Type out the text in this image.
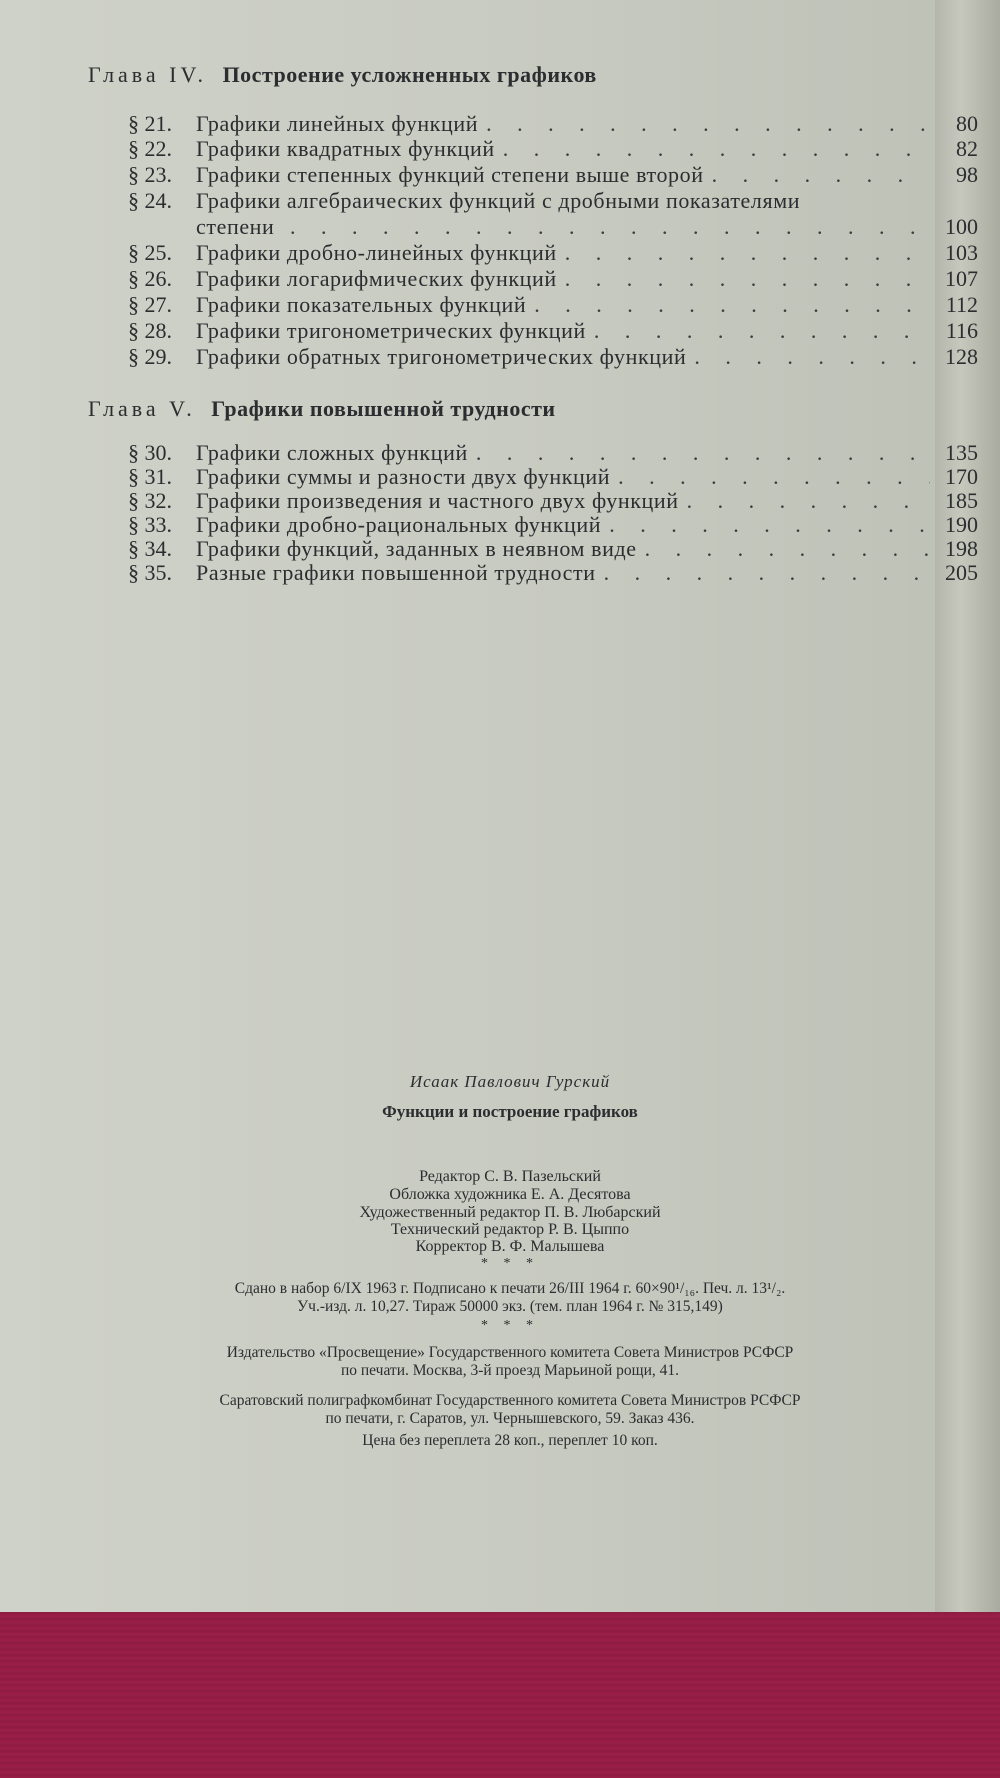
Глава IV. Построение усложненных графиков
§ 21.	Графики линейных функций . . .	80
§ 22.	Графики квадратных функций . . .	82
§ 23.	Графики степенных функций степени выше второй . . .	98
§ 24.	Графики алгебраических функций с дробными показателями
степени . . .	100
§ 25.	Графики дробно-линейных функций . . .	103
§ 26.	Графики логарифмических функций . . .	107
§ 27.	Графики показательных функций . . .	112
§ 28.	Графики тригонометрических функций . . .	116
§ 29.	Графики обратных тригонометрических функций . . .	128
Глава V. Графики повышенной трудности
§ 30.	Графики сложных функций . . .	135
§ 31.	Графики суммы и разности двух функций . . .	170
§ 32.	Графики произведения и частного двух функций . . .	185
§ 33.	Графики дробно-рациональных функций . . .	190
§ 34.	Графики функций, заданных в неявном виде . . .	198
§ 35.	Разные графики повышенной трудности . . .	205
Исаак Павлович Гурский
Функции и построение графиков
Редактор С. В. Пазельский
Обложка художника Е. А. Десятова
Художественный редактор П. В. Любарский
Технический редактор Р. В. Цыппо
Корректор В. Ф. Малышева
* * *
Сдано в набор 6/IX 1963 г. Подписано к печати 26/III 1964 г. 60×90¹/₁₆. Печ. л. 13¹/₂.
Уч.-изд. л. 10,27. Тираж 50000 экз. (тем. план 1964 г. № 315,149)
* * *
Издательство «Просвещение» Государственного комитета Совета Министров РСФСР
по печати. Москва, 3-й проезд Марьиной рощи, 41.
Саратовский полиграфкомбинат Государственного комитета Совета Министров РСФСР
по печати, г. Саратов, ул. Чернышевского, 59. Заказ 436.
Цена без переплета 28 коп., переплет 10 коп.
